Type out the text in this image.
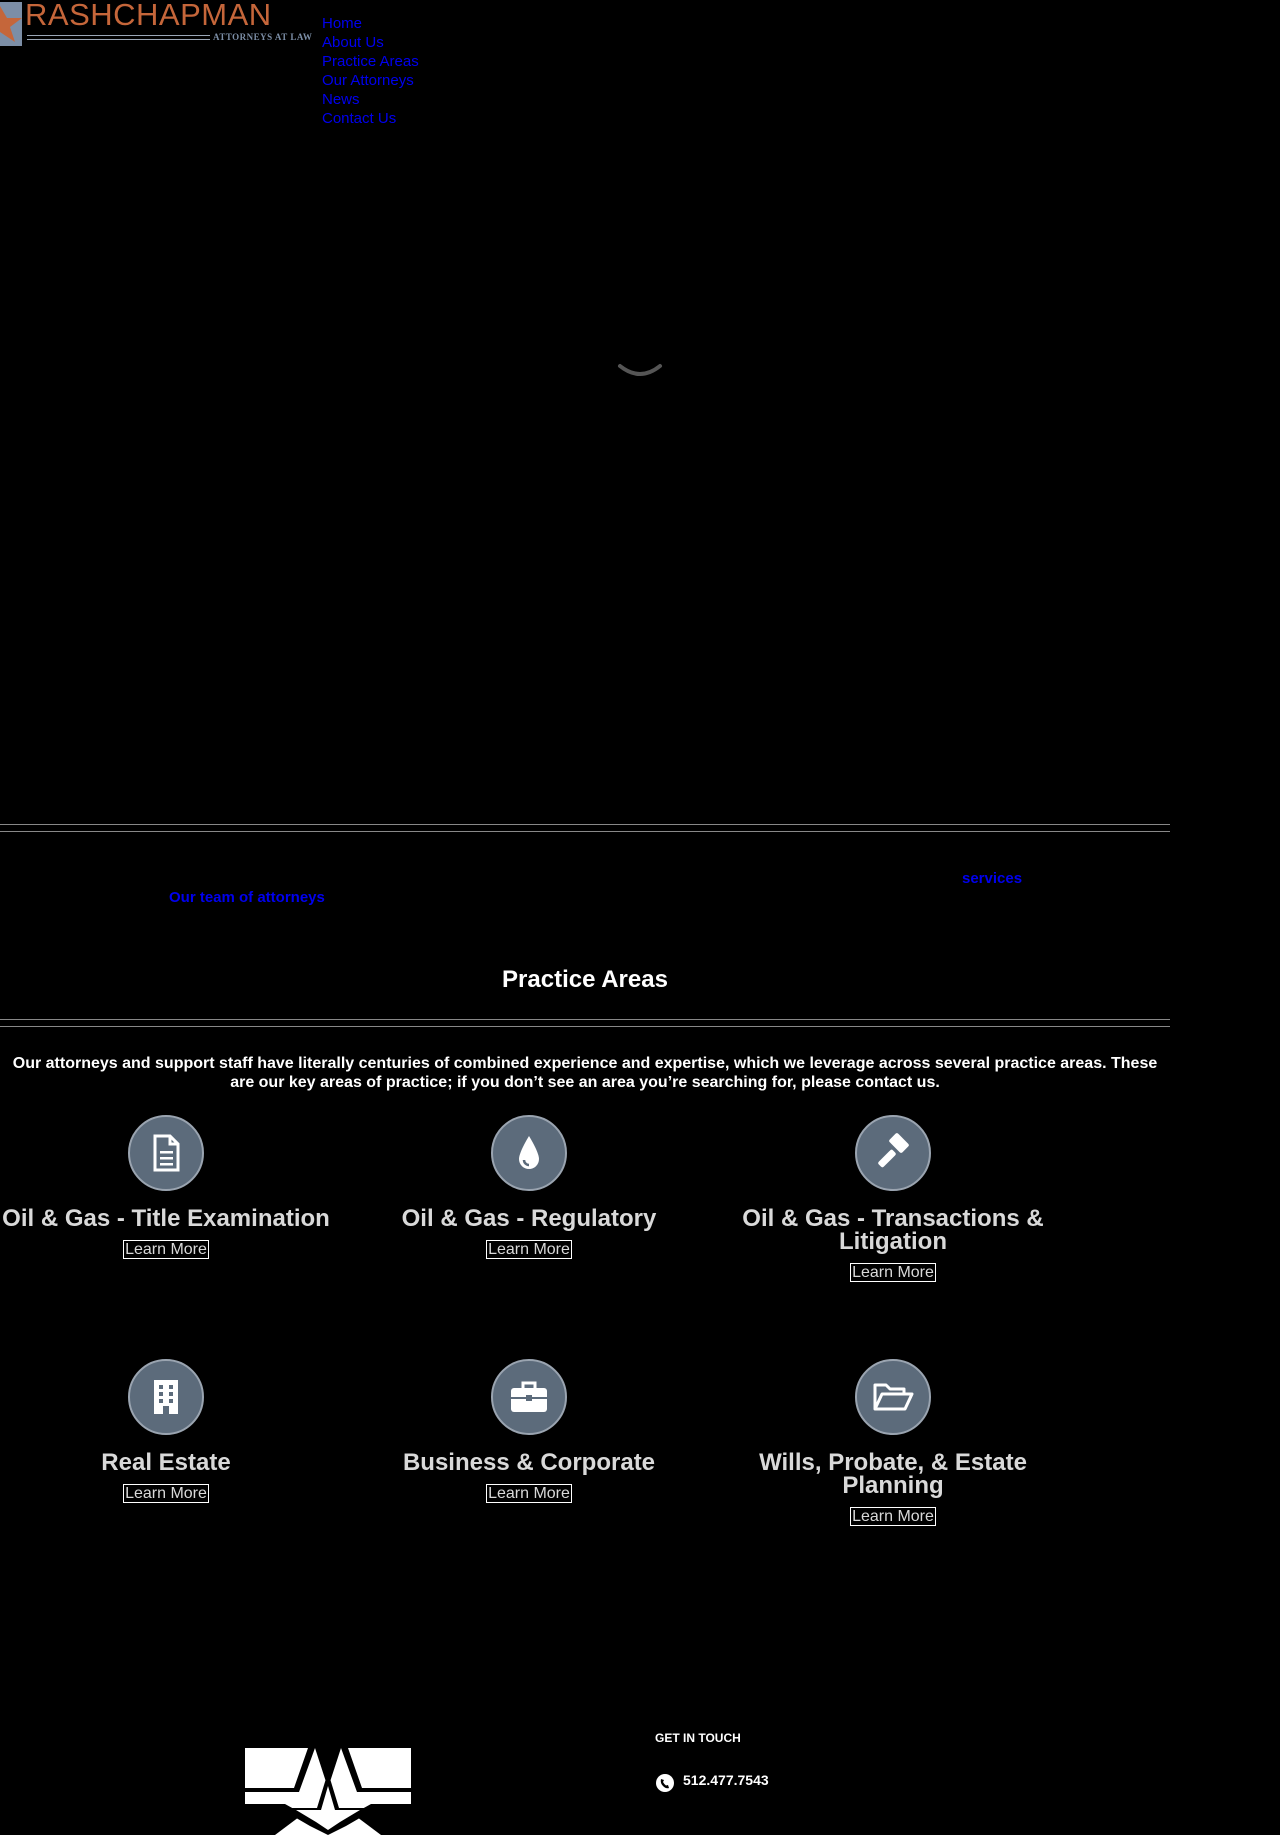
RASHCHAPMAN
ATTORNEYS AT LAW
Home
About Us
Practice Areas
Our Attorneys
News
Contact Us
services
Our team of attorneys
Practice Areas

Our attorneys and support staff have literally centuries of combined experience and expertise, which we leverage across several practice areas. These are our key areas of practice; if you don’t see an area you’re searching for, please contact us.

Oil & Gas - Title Examination
Learn More
Oil & Gas - Regulatory
Learn More
Oil & Gas - Transactions & Litigation
Learn More
Real Estate
Learn More
Business & Corporate
Learn More
Wills, Probate, & Estate Planning
Learn More
GET IN TOUCH
512.477.7543
